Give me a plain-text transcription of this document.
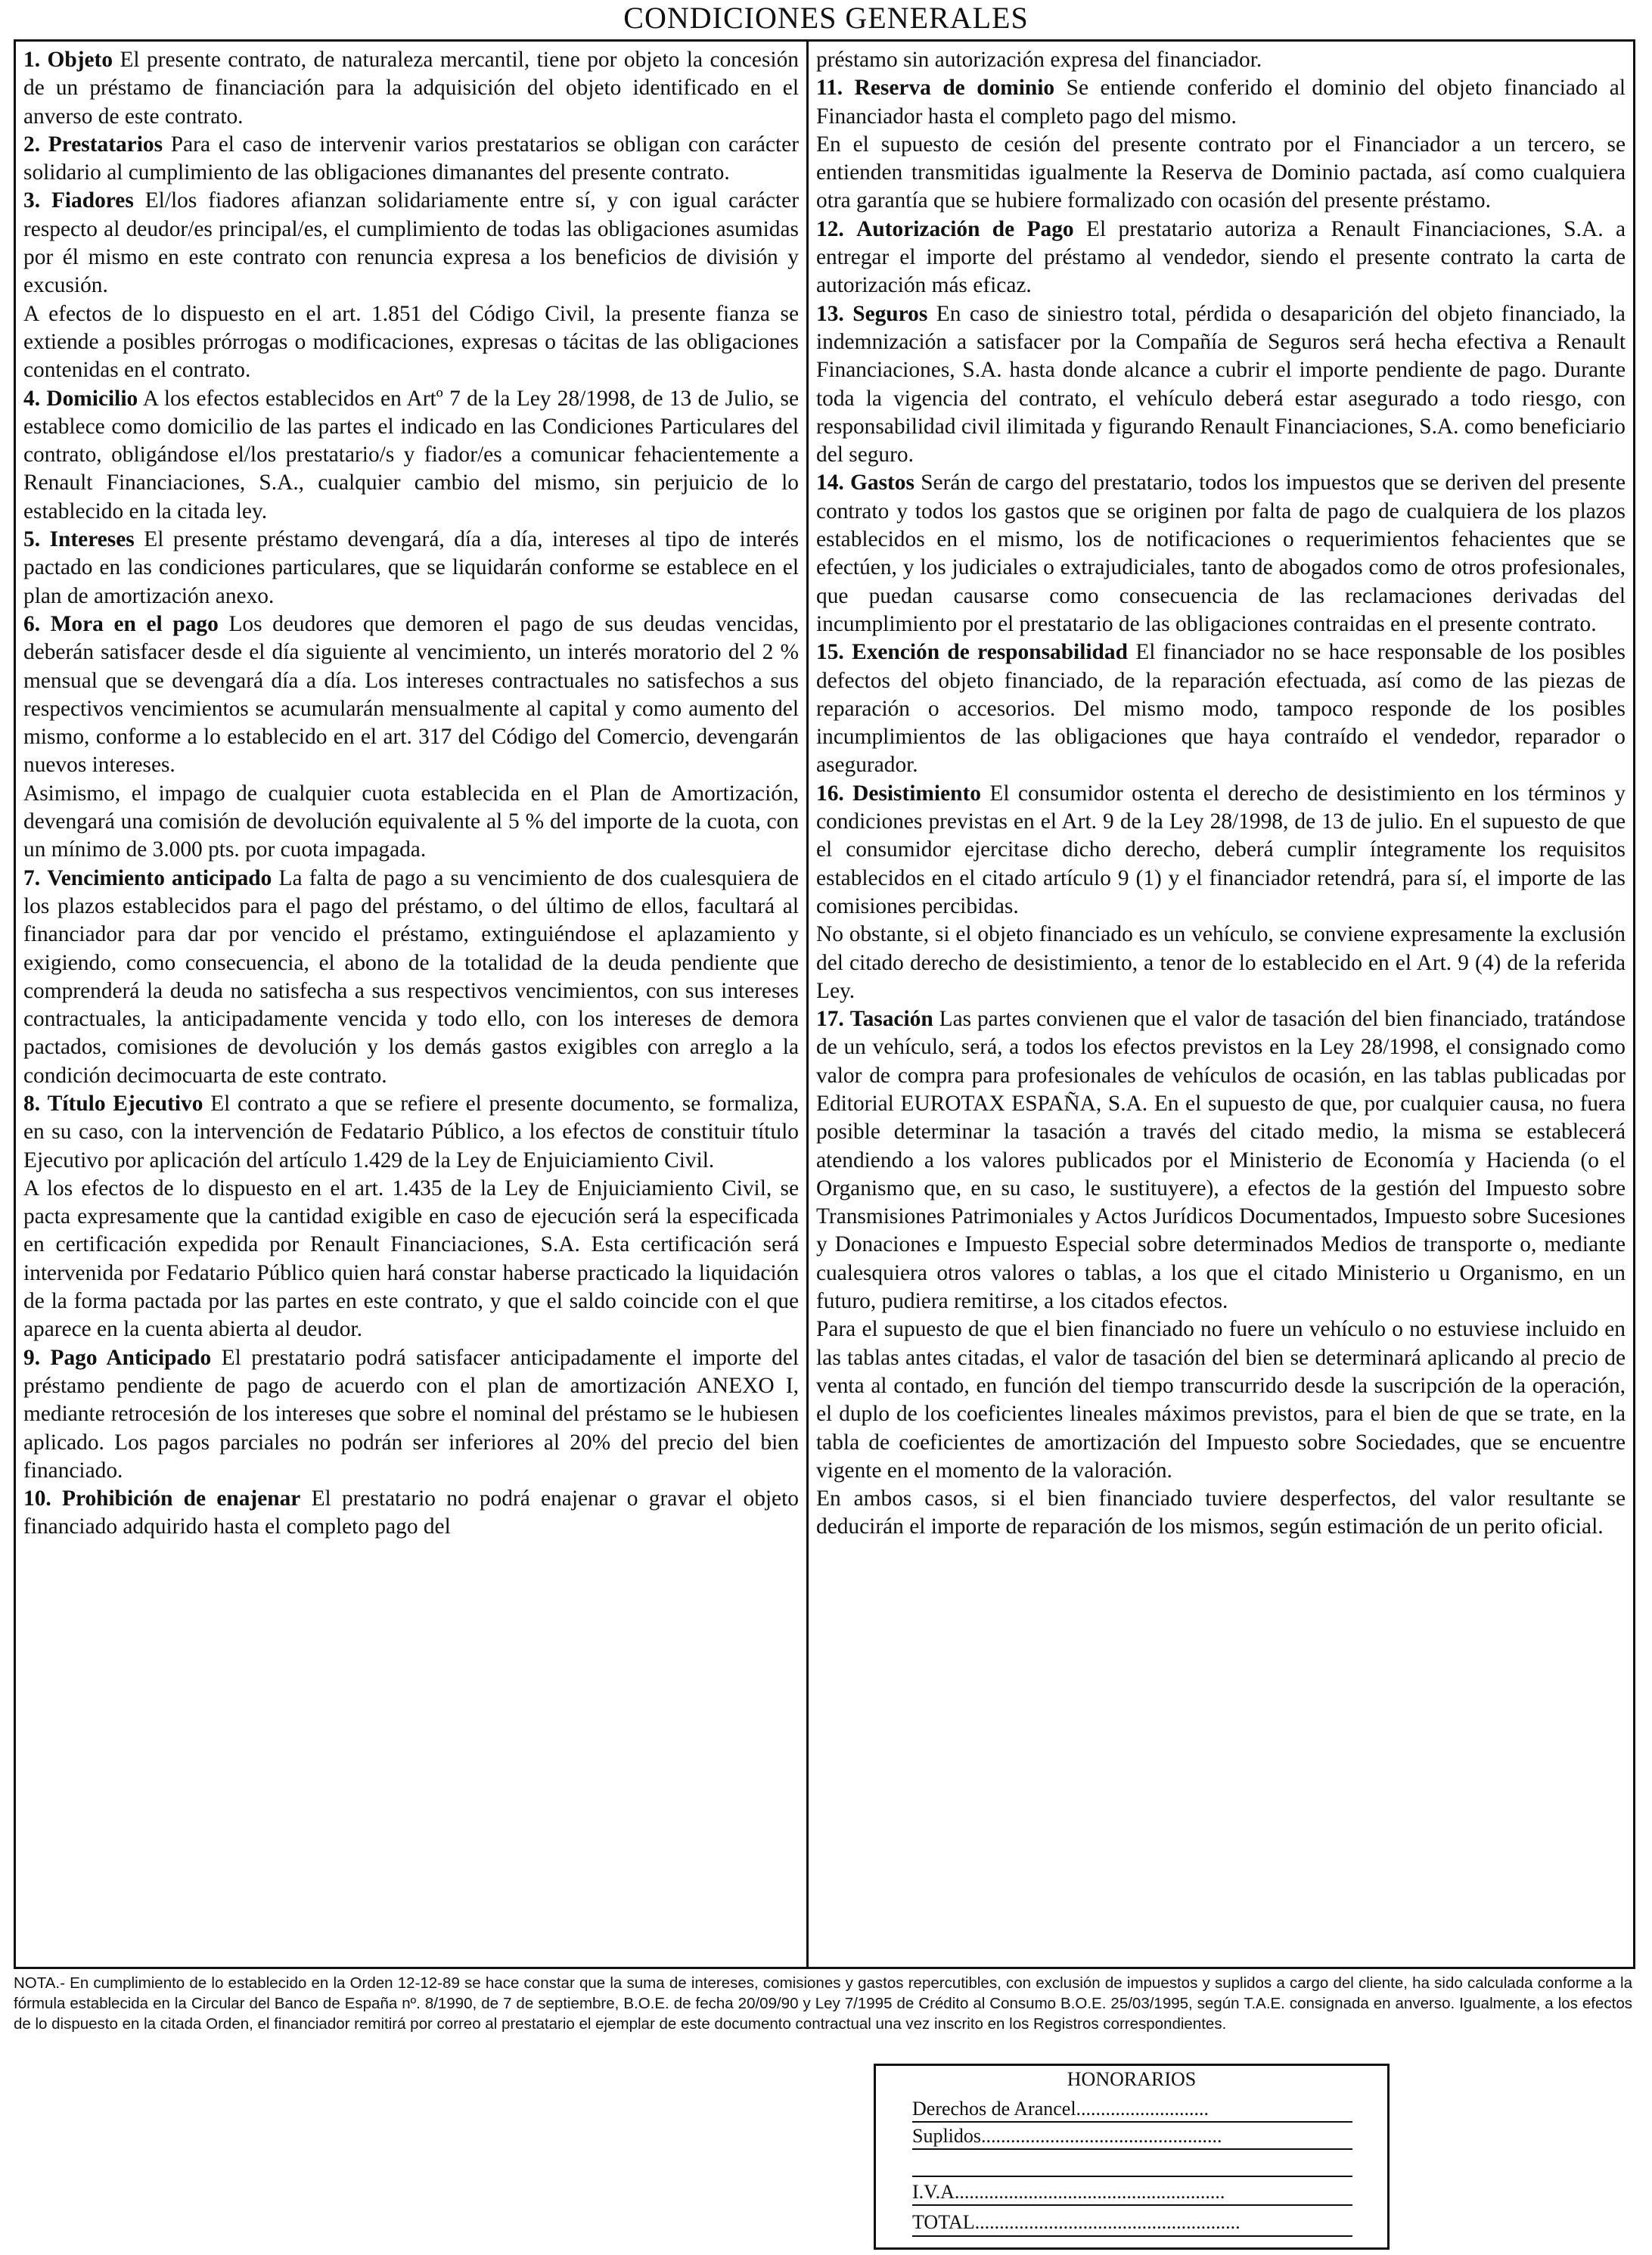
CONDICIONES GENERALES

1. Objeto El presente contrato, de naturaleza mercantil, tiene por objeto la concesión de un préstamo de financiación para la adquisición del objeto identificado en el anverso de este contrato.

2. Prestatarios Para el caso de intervenir varios prestatarios se obligan con carácter solidario al cumplimiento de las obligaciones dimanantes del presente contrato.

3. Fiadores El/los fiadores afianzan solidariamente entre sí, y con igual carácter respecto al deudor/es principal/es, el cumplimiento de todas las obligaciones asumidas por él mismo en este contrato con renuncia expresa a los beneficios de división y excusión.

A efectos de lo dispuesto en el art. 1.851 del Código Civil, la presente fianza se extiende a posibles prórrogas o modificaciones, expresas o tácitas de las obligaciones contenidas en el contrato.

4. Domicilio A los efectos establecidos en Artº 7 de la Ley 28/1998, de 13 de Julio, se establece como domicilio de las partes el indicado en las Condiciones Particulares del contrato, obligándose el/los prestatario/s y fiador/es a comunicar fehacientemente a Renault Financiaciones, S.A., cualquier cambio del mismo, sin perjuicio de lo establecido en la citada ley.

5. Intereses El presente préstamo devengará, día a día, intereses al tipo de interés pactado en las condiciones particulares, que se liquidarán conforme se establece en el plan de amortización anexo.

6. Mora en el pago Los deudores que demoren el pago de sus deudas vencidas, deberán satisfacer desde el día siguiente al vencimiento, un interés moratorio del 2 % mensual que se devengará día a día. Los intereses contractuales no satisfechos a sus respectivos vencimientos se acumularán mensualmente al capital y como aumento del mismo, conforme a lo establecido en el art. 317 del Código del Comercio, devengarán nuevos intereses.

Asimismo, el impago de cualquier cuota establecida en el Plan de Amortización, devengará una comisión de devolución equivalente al 5 % del importe de la cuota, con un mínimo de 3.000 pts. por cuota impagada.

7. Vencimiento anticipado La falta de pago a su vencimiento de dos cualesquiera de los plazos establecidos para el pago del préstamo, o del último de ellos, facultará al financiador para dar por vencido el préstamo, extinguiéndose el aplazamiento y exigiendo, como consecuencia, el abono de la totalidad de la deuda pendiente que comprenderá la deuda no satisfecha a sus respectivos vencimientos, con sus intereses contractuales, la anticipadamente vencida y todo ello, con los intereses de demora pactados, comisiones de devolución y los demás gastos exigibles con arreglo a la condición decimocuarta de este contrato.

8. Título Ejecutivo El contrato a que se refiere el presente documento, se formaliza, en su caso, con la intervención de Fedatario Público, a los efectos de constituir título Ejecutivo por aplicación del artículo 1.429 de la Ley de Enjuiciamiento Civil.

A los efectos de lo dispuesto en el art. 1.435 de la Ley de Enjuiciamiento Civil, se pacta expresamente que la cantidad exigible en caso de ejecución será la especificada en certificación expedida por Renault Financiaciones, S.A. Esta certificación será intervenida por Fedatario Público quien hará constar haberse practicado la liquidación de la forma pactada por las partes en este contrato, y que el saldo coincide con el que aparece en la cuenta abierta al deudor.

9. Pago Anticipado El prestatario podrá satisfacer anticipadamente el importe del préstamo pendiente de pago de acuerdo con el plan de amortización ANEXO I, mediante retrocesión de los intereses que sobre el nominal del préstamo se le hubiesen aplicado. Los pagos parciales no podrán ser inferiores al 20% del precio del bien financiado.

10. Prohibición de enajenar El prestatario no podrá enajenar o gravar el objeto financiado adquirido hasta el completo pago del

préstamo sin autorización expresa del financiador.

11. Reserva de dominio Se entiende conferido el dominio del objeto financiado al Financiador hasta el completo pago del mismo.

En el supuesto de cesión del presente contrato por el Financiador a un tercero, se entienden transmitidas igualmente la Reserva de Dominio pactada, así como cualquiera otra garantía que se hubiere formalizado con ocasión del presente préstamo.

12. Autorización de Pago El prestatario autoriza a Renault Financiaciones, S.A. a entregar el importe del préstamo al vendedor, siendo el presente contrato la carta de autorización más eficaz.

13. Seguros En caso de siniestro total, pérdida o desaparición del objeto financiado, la indemnización a satisfacer por la Compañía de Seguros será hecha efectiva a Renault Financiaciones, S.A. hasta donde alcance a cubrir el importe pendiente de pago. Durante toda la vigencia del contrato, el vehículo deberá estar asegurado a todo riesgo, con responsabilidad civil ilimitada y figurando Renault Financiaciones, S.A. como beneficiario del seguro.

14. Gastos Serán de cargo del prestatario, todos los impuestos que se deriven del presente contrato y todos los gastos que se originen por falta de pago de cualquiera de los plazos establecidos en el mismo, los de notificaciones o requerimientos fehacientes que se efectúen, y los judiciales o extrajudiciales, tanto de abogados como de otros profesionales, que puedan causarse como consecuencia de las reclamaciones derivadas del incumplimiento por el prestatario de las obligaciones contraidas en el presente contrato.

15. Exención de responsabilidad El financiador no se hace responsable de los posibles defectos del objeto financiado, de la reparación efectuada, así como de las piezas de reparación o accesorios. Del mismo modo, tampoco responde de los posibles incumplimientos de las obligaciones que haya contraído el vendedor, reparador o asegurador.

16. Desistimiento El consumidor ostenta el derecho de desistimiento en los términos y condiciones previstas en el Art. 9 de la Ley 28/1998, de 13 de julio. En el supuesto de que el consumidor ejercitase dicho derecho, deberá cumplir íntegramente los requisitos establecidos en el citado artículo 9 (1) y el financiador retendrá, para sí, el importe de las comisiones percibidas.

No obstante, si el objeto financiado es un vehículo, se conviene expresamente la exclusión del citado derecho de desistimiento, a tenor de lo establecido en el Art. 9 (4) de la referida Ley.

17. Tasación Las partes convienen que el valor de tasación del bien financiado, tratándose de un vehículo, será, a todos los efectos previstos en la Ley 28/1998, el consignado como valor de compra para profesionales de vehículos de ocasión, en las tablas publicadas por Editorial EUROTAX ESPAÑA, S.A. En el supuesto de que, por cualquier causa, no fuera posible determinar la tasación a través del citado medio, la misma se establecerá atendiendo a los valores publicados por el Ministerio de Economía y Hacienda (o el Organismo que, en su caso, le sustituyere), a efectos de la gestión del Impuesto sobre Transmisiones Patrimoniales y Actos Jurídicos Documentados, Impuesto sobre Sucesiones y Donaciones e Impuesto Especial sobre determinados Medios de transporte o, mediante cualesquiera otros valores o tablas, a los que el citado Ministerio u Organismo, en un futuro, pudiera remitirse, a los citados efectos.

Para el supuesto de que el bien financiado no fuere un vehículo o no estuviese incluido en las tablas antes citadas, el valor de tasación del bien se determinará aplicando al precio de venta al contado, en función del tiempo transcurrido desde la suscripción de la operación, el duplo de los coeficientes lineales máximos previstos, para el bien de que se trate, en la tabla de coeficientes de amortización del Impuesto sobre Sociedades, que se encuentre vigente en el momento de la valoración.

En ambos casos, si el bien financiado tuviere desperfectos, del valor resultante se deducirán el importe de reparación de los mismos, según estimación de un perito oficial.

NOTA.- En cumplimiento de lo establecido en la Orden 12-12-89 se hace constar que la suma de intereses, comisiones y gastos repercutibles, con exclusión de impuestos y suplidos a cargo del cliente, ha sido calculada conforme a la fórmula establecida en la Circular del Banco de España nº. 8/1990, de 7 de septiembre, B.O.E. de fecha 20/09/90 y Ley 7/1995 de Crédito al Consumo B.O.E. 25/03/1995, según T.A.E. consignada en anverso. Igualmente, a los efectos de lo dispuesto en la citada Orden, el financiador remitirá por correo al prestatario el ejemplar de este documento contractual una vez inscrito en los Registros correspondientes.
HONORARIOS
Derechos de Arancel...........................
Suplidos.................................................
I.V.A.......................................................
TOTAL......................................................
